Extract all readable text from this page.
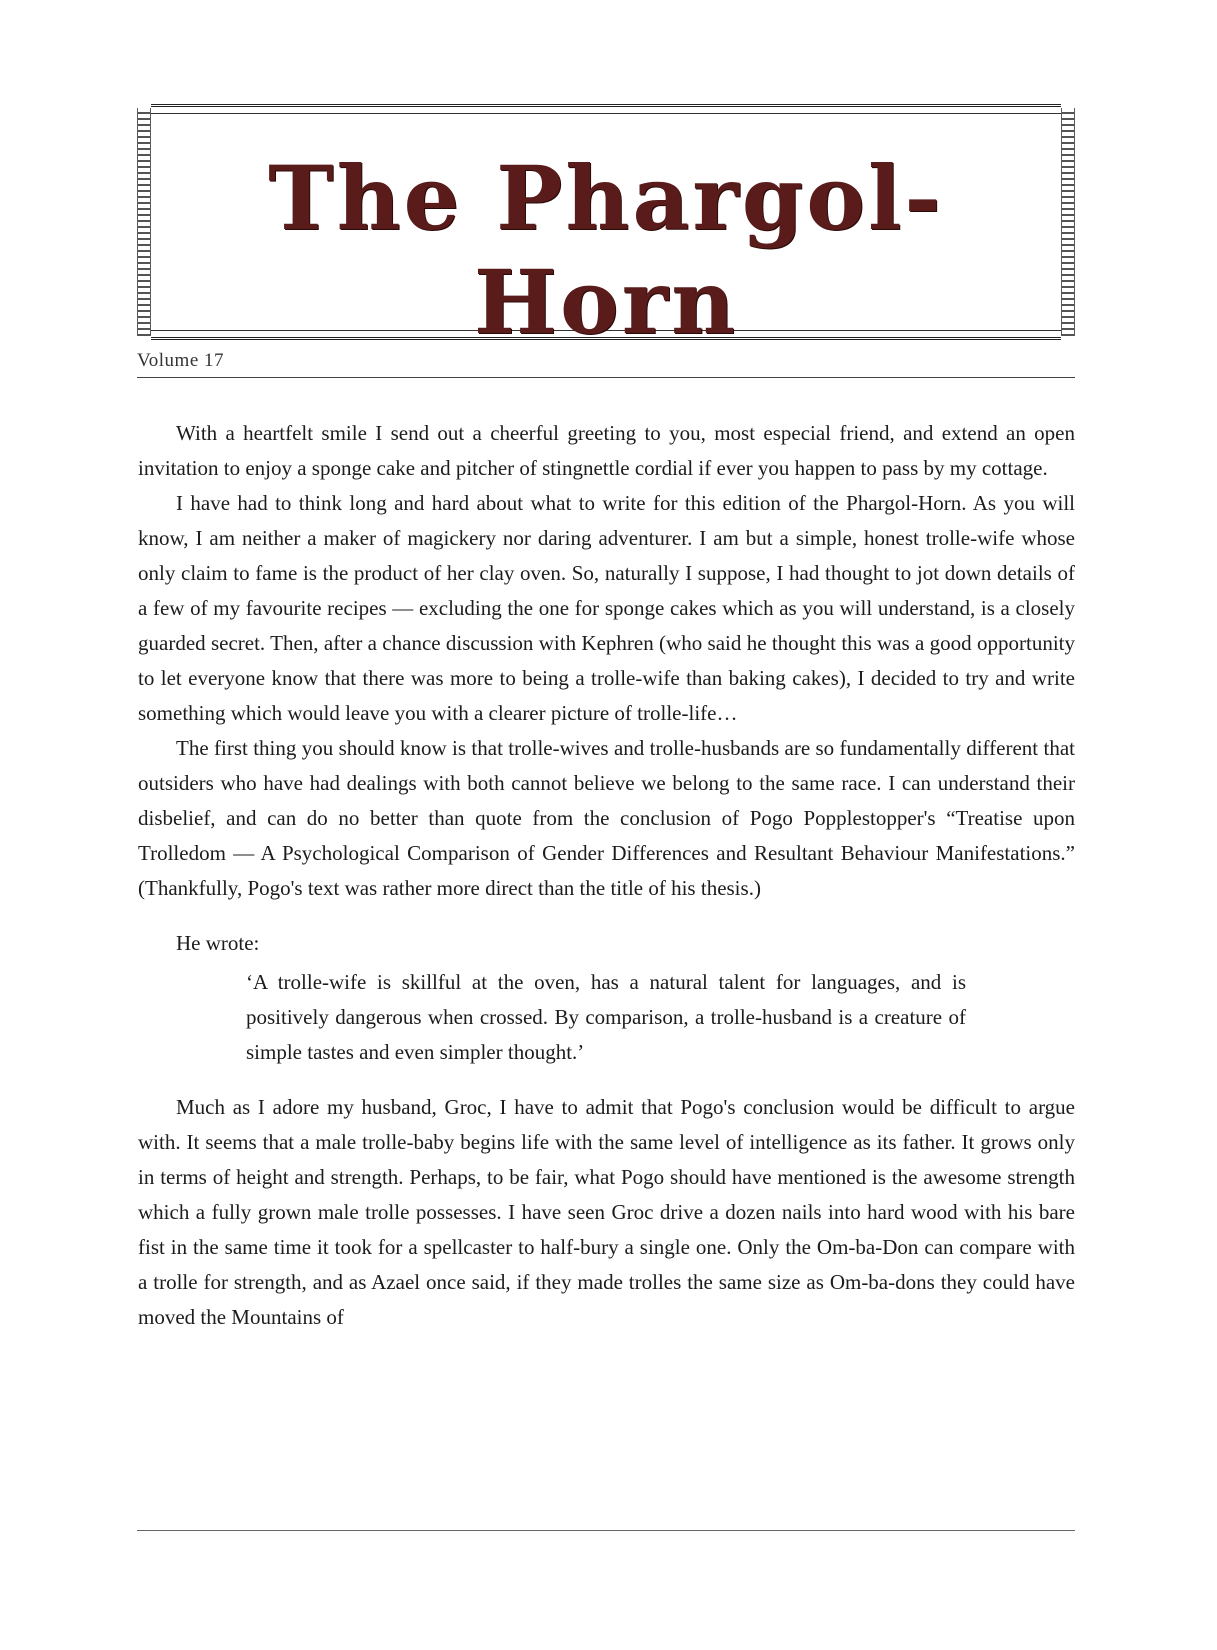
The Phargol-Horn
Volume 17

With a heartfelt smile I send out a cheerful greeting to you, most especial friend, and extend an open invitation to enjoy a sponge cake and pitcher of stingnettle cordial if ever you happen to pass by my cottage.

I have had to think long and hard about what to write for this edition of the Phargol-Horn. As you will know, I am neither a maker of magickery nor daring adventurer. I am but a simple, honest trolle-wife whose only claim to fame is the product of her clay oven. So, naturally I suppose, I had thought to jot down details of a few of my favourite recipes — excluding the one for sponge cakes which as you will understand, is a closely guarded secret. Then, after a chance discussion with Kephren (who said he thought this was a good opportunity to let everyone know that there was more to being a trolle-wife than baking cakes), I decided to try and write something which would leave you with a clearer picture of trolle-life…

The first thing you should know is that trolle-wives and trolle-husbands are so fundamentally different that outsiders who have had dealings with both cannot believe we belong to the same race. I can understand their disbelief, and can do no better than quote from the conclusion of Pogo Popplestopper's “Treatise upon Trolledom — A Psychological Comparison of Gender Differences and Resultant Behaviour Manifestations.” (Thankfully, Pogo's text was rather more direct than the title of his thesis.)

He wrote:

‘A trolle-wife is skillful at the oven, has a natural talent for languages, and is positively dangerous when crossed. By comparison, a trolle-husband is a creature of simple tastes and even simpler thought.’

Much as I adore my husband, Groc, I have to admit that Pogo's conclusion would be difficult to argue with. It seems that a male trolle-baby begins life with the same level of intelligence as its father. It grows only in terms of height and strength. Perhaps, to be fair, what Pogo should have mentioned is the awesome strength which a fully grown male trolle possesses. I have seen Groc drive a dozen nails into hard wood with his bare fist in the same time it took for a spellcaster to half-bury a single one. Only the Om-ba-Don can compare with a trolle for strength, and as Azael once said, if they made trolles the same size as Om-ba-dons they could have moved the Mountains of
